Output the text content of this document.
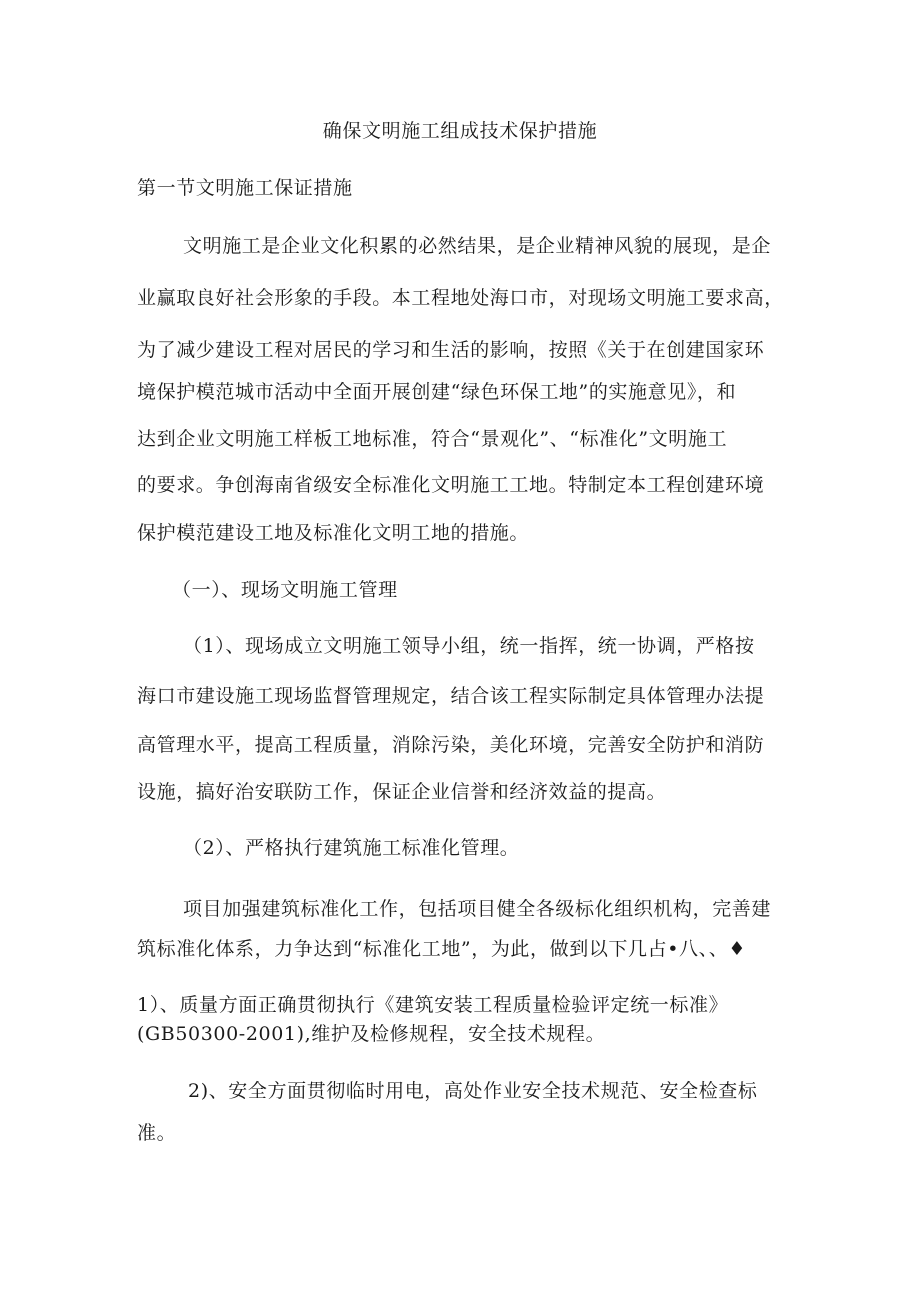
确保文明施工组成技术保护措施
第一节文明施工保证措施
文明施工是企业文化积累的必然结果，是企业精神风貌的展现，是企
业赢取良好社会形象的手段。本工程地处海口市，对现场文明施工要求高，
为了减少建设工程对居民的学习和生活的影响，按照《关于在创建国家环
境保护模范城市活动中全面开展创建“绿色环保工地”的实施意见》，和
达到企业文明施工样板工地标准，符合“景观化”、“标准化”文明施工
的要求。争创海南省级安全标准化文明施工工地。特制定本工程创建环境
保护模范建设工地及标准化文明工地的措施。
（一）、现场文明施工管理
（1）、现场成立文明施工领导小组，统一指挥，统一协调，严格按
海口市建设施工现场监督管理规定，结合该工程实际制定具体管理办法提
高管理水平，提高工程质量，消除污染，美化环境，完善安全防护和消防
设施，搞好治安联防工作，保证企业信誉和经济效益的提高。
（2）、严格执行建筑施工标准化管理。
项目加强建筑标准化工作，包括项目健全各级标化组织机构，完善建
筑标准化体系，力争达到“标准化工地”，为此，做到以下几占•八、、♦
1）、质量方面正确贯彻执行《建筑安装工程质量检验评定统一标准》
(GB50300-2001),维护及检修规程，安全技术规程。
2)、安全方面贯彻临时用电，高处作业安全技术规范、安全检查标
准。
